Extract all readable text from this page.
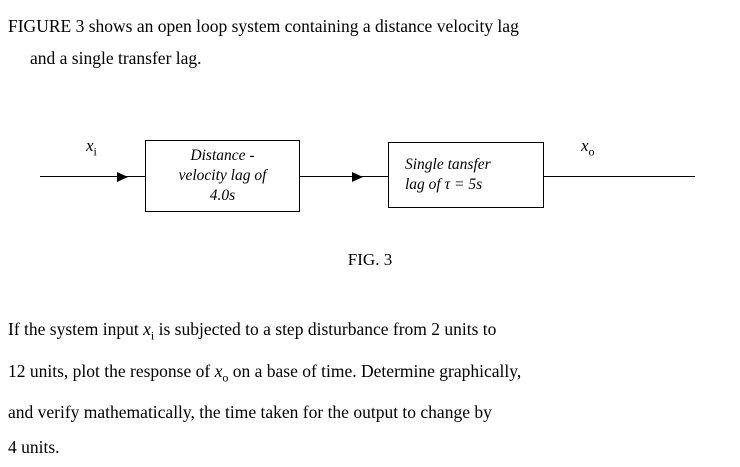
FIGURE 3 shows an open loop system containing a distance velocity lag
and a single transfer lag.
$x_i$	Distance -
velocity lag of
4.0s
Single tansfer
lag of τ = 5s
$x_o$
FIG. 3
If the system input $x_i$ is subjected to a step disturbance from 2 units to
12 units, plot the response of $x_o$ on a base of time. Determine graphically,
and verify mathematically, the time taken for the output to change by
4 units.
